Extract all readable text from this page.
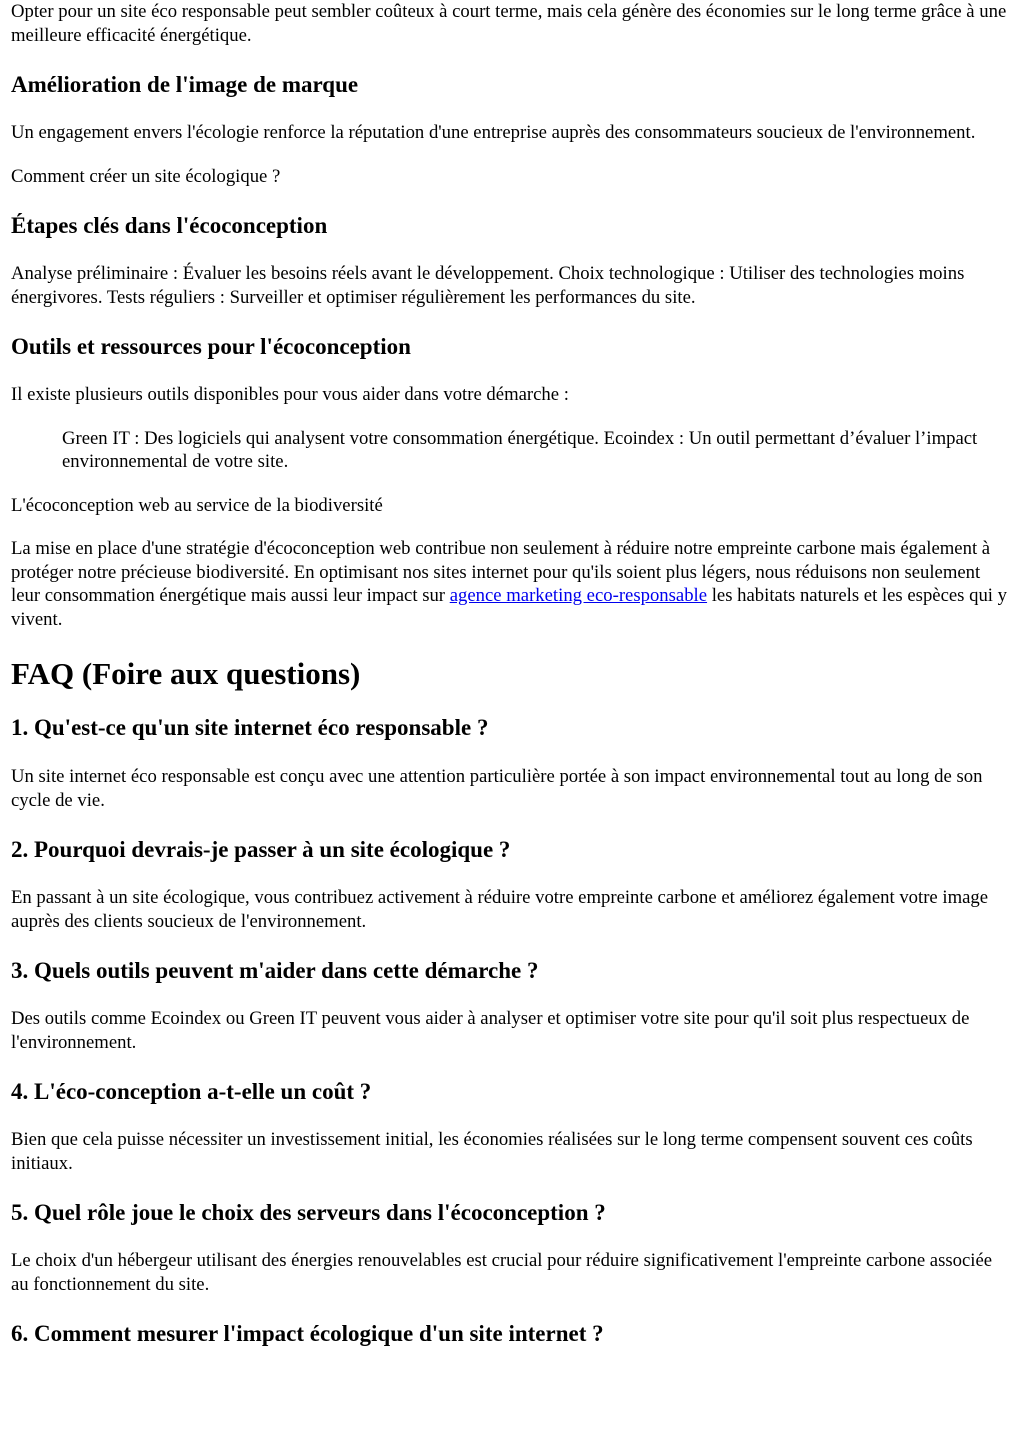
Opter pour un site éco responsable peut sembler coûteux à court terme, mais cela génère des économies sur le long terme grâce à une meilleure efficacité énergétique.

Amélioration de l'image de marque

Un engagement envers l'écologie renforce la réputation d'une entreprise auprès des consommateurs soucieux de l'environnement.

Comment créer un site écologique ?

Étapes clés dans l'écoconception

Analyse préliminaire : Évaluer les besoins réels avant le développement. Choix technologique : Utiliser des technologies moins énergivores. Tests réguliers : Surveiller et optimiser régulièrement les performances du site.

Outils et ressources pour l'écoconception

Il existe plusieurs outils disponibles pour vous aider dans votre démarche :

Green IT : Des logiciels qui analysent votre consommation énergétique. Ecoindex : Un outil permettant d’évaluer l’impact environnemental de votre site.

L'écoconception web au service de la biodiversité

La mise en place d'une stratégie d'écoconception web contribue non seulement à réduire notre empreinte carbone mais également à protéger notre précieuse biodiversité. En optimisant nos sites internet pour qu'ils soient plus légers, nous réduisons non seulement leur consommation énergétique mais aussi leur impact sur agence marketing eco-responsable les habitats naturels et les espèces qui y vivent.

FAQ (Foire aux questions)
1. Qu'est-ce qu'un site internet éco responsable ?

Un site internet éco responsable est conçu avec une attention particulière portée à son impact environnemental tout au long de son cycle de vie.

2. Pourquoi devrais-je passer à un site écologique ?

En passant à un site écologique, vous contribuez activement à réduire votre empreinte carbone et améliorez également votre image auprès des clients soucieux de l'environnement.

3. Quels outils peuvent m'aider dans cette démarche ?

Des outils comme Ecoindex ou Green IT peuvent vous aider à analyser et optimiser votre site pour qu'il soit plus respectueux de l'environnement.

4. L'éco-conception a-t-elle un coût ?

Bien que cela puisse nécessiter un investissement initial, les économies réalisées sur le long terme compensent souvent ces coûts initiaux.

5. Quel rôle joue le choix des serveurs dans l'écoconception ?

Le choix d'un hébergeur utilisant des énergies renouvelables est crucial pour réduire significativement l'empreinte carbone associée au fonctionnement du site.

6. Comment mesurer l'impact écologique d'un site internet ?
